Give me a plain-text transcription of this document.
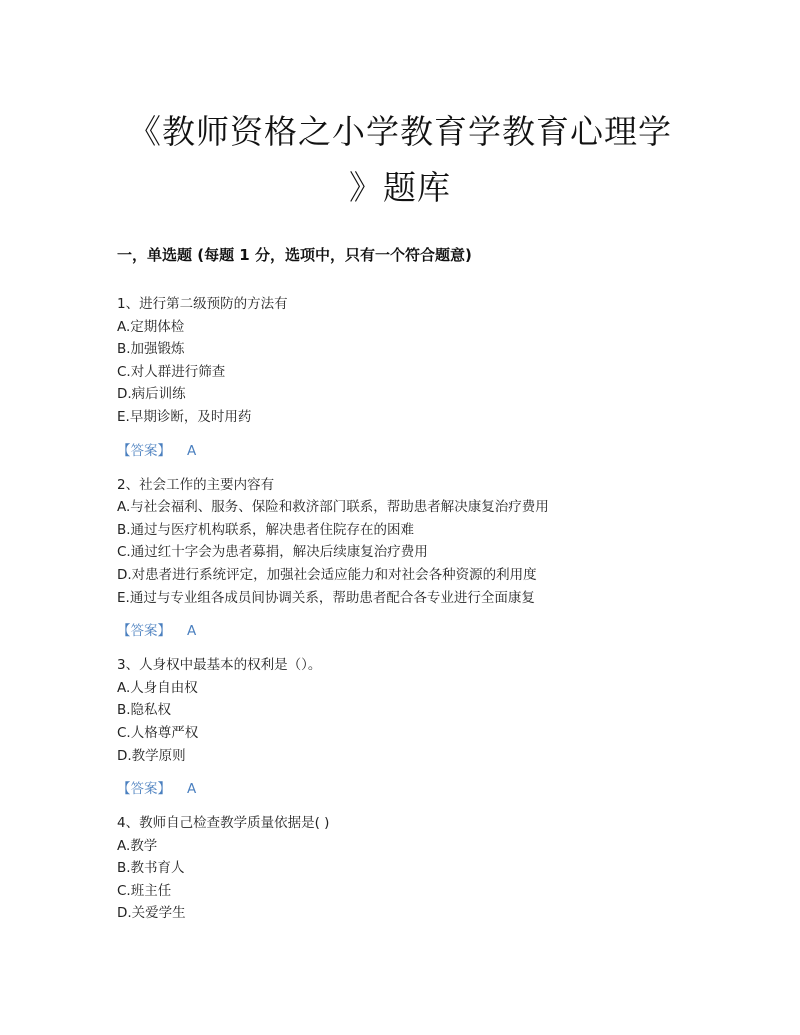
《教师资格之小学教育学教育心理学
》题库
一，单选题 (每题 1 分，选项中，只有一个符合题意)
1、进行第二级预防的方法有
A.定期体检
B.加强锻炼
C.对人群进行筛查
D.病后训练
E.早期诊断，及时用药
【答案】 A
2、社会工作的主要内容有
A.与社会福利、服务、保险和救济部门联系，帮助患者解决康复治疗费用
B.通过与医疗机构联系，解决患者住院存在的困难
C.通过红十字会为患者募捐，解决后续康复治疗费用
D.对患者进行系统评定，加强社会适应能力和对社会各种资源的利用度
E.通过与专业组各成员间协调关系，帮助患者配合各专业进行全面康复
【答案】 A
3、人身权中最基本的权利是（）。
A.人身自由权
B.隐私权
C.人格尊严权
D.教学原则
【答案】 A
4、教师自己检查教学质量依据是( )
A.教学
B.教书育人
C.班主任
D.关爱学生
